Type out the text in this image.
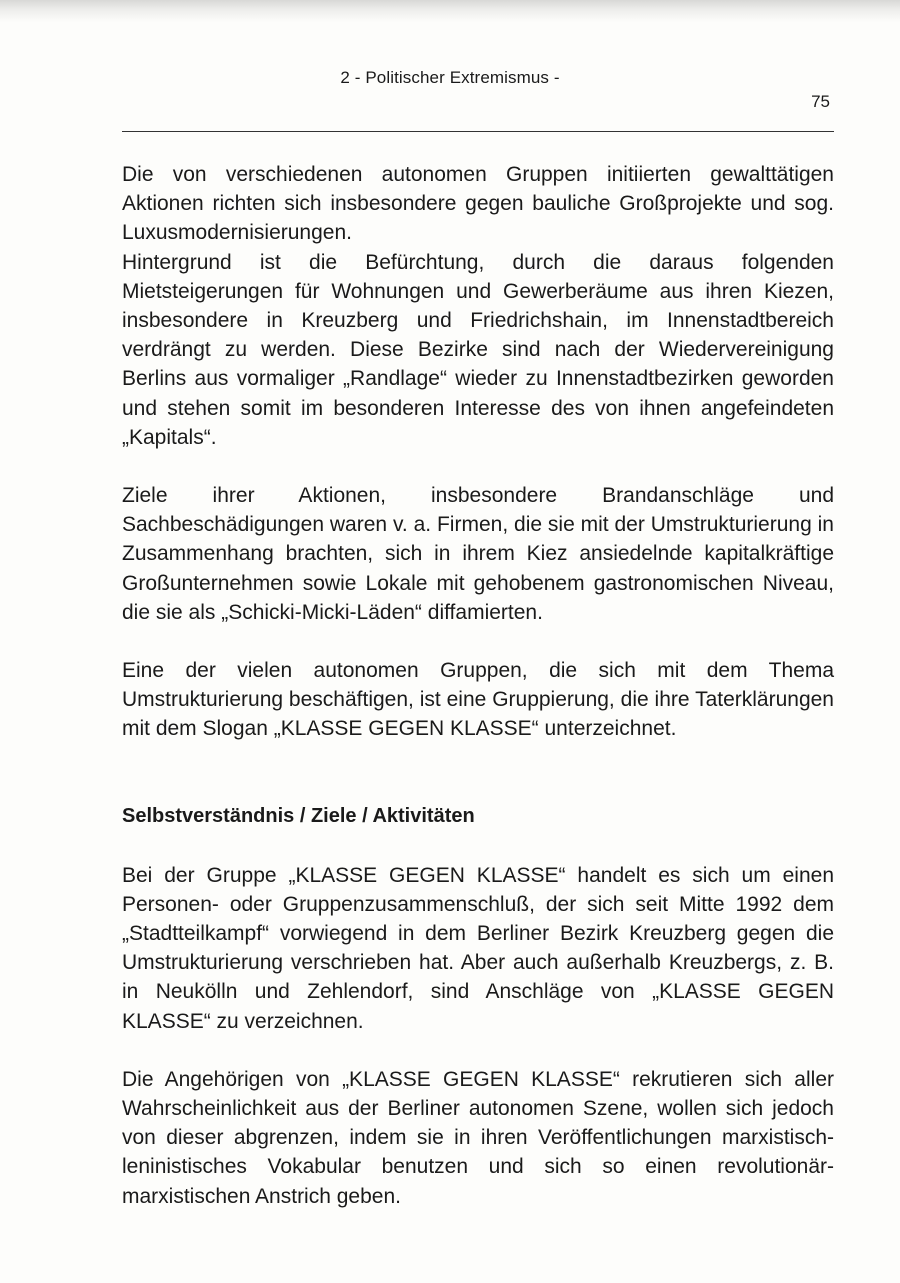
2 - Politischer Extremismus -
75

Die von verschiedenen autonomen Gruppen initiierten gewalttätigen Aktionen richten sich insbesondere gegen bauliche Großprojekte und sog. Luxusmodernisierungen.

Hintergrund ist die Befürchtung, durch die daraus folgenden Mietsteigerungen für Wohnungen und Gewerberäume aus ihren Kiezen, insbesondere in Kreuzberg und Friedrichshain, im Innenstadtbereich verdrängt zu werden. Diese Bezirke sind nach der Wiedervereinigung Berlins aus vormaliger „Randlage“ wieder zu Innenstadtbezirken geworden und stehen somit im besonderen Interesse des von ihnen angefeindeten „Kapitals“.

Ziele ihrer Aktionen, insbesondere Brandanschläge und Sachbeschädigungen waren v. a. Firmen, die sie mit der Umstrukturierung in Zusammenhang brachten, sich in ihrem Kiez ansiedelnde kapitalkräftige Großunternehmen sowie Lokale mit gehobenem gastronomischen Niveau, die sie als „Schicki-Micki-Läden“ diffamierten.

Eine der vielen autonomen Gruppen, die sich mit dem Thema Umstrukturierung beschäftigen, ist eine Gruppierung, die ihre Taterklärungen mit dem Slogan „KLASSE GEGEN KLASSE“ unterzeichnet.

Selbstverständnis / Ziele / Aktivitäten

Bei der Gruppe „KLASSE GEGEN KLASSE“ handelt es sich um einen Personen- oder Gruppenzusammenschluß, der sich seit Mitte 1992 dem „Stadtteilkampf“ vorwiegend in dem Berliner Bezirk Kreuzberg gegen die Umstrukturierung verschrieben hat. Aber auch außerhalb Kreuzbergs, z. B. in Neukölln und Zehlendorf, sind Anschläge von „KLASSE GEGEN KLASSE“ zu verzeichnen.

Die Angehörigen von „KLASSE GEGEN KLASSE“ rekrutieren sich aller Wahrscheinlichkeit aus der Berliner autonomen Szene, wollen sich jedoch von dieser abgrenzen, indem sie in ihren Veröffentlichungen marxistisch-leninistisches Vokabular benutzen und sich so einen revolutionär-marxistischen Anstrich geben.
